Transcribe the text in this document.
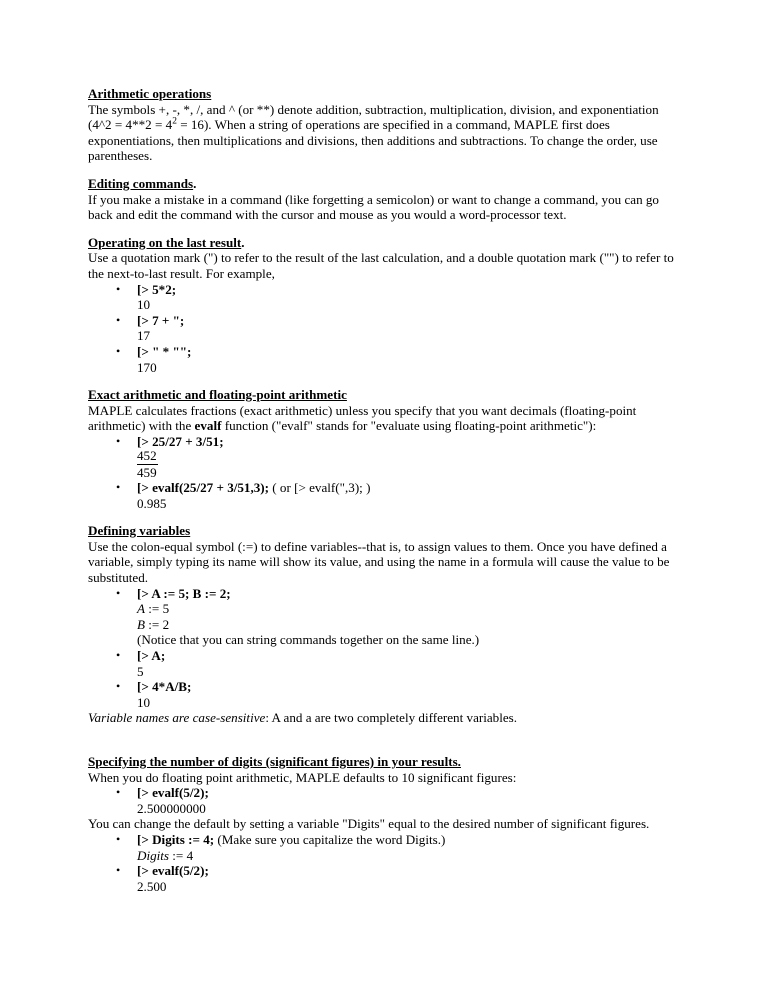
Arithmetic operations

The symbols +, -, *, /, and ^ (or **) denote addition, subtraction, multiplication, division, and exponentiation (4^2 = $4**2 = 4^2 = 16$). When a string of operations are specified in a command, MAPLE first does exponentiations, then multiplications and divisions, then additions and subtractions. To change the order, use parentheses.

Editing commands.

If you make a mistake in a command (like forgetting a semicolon) or want to change a command, you can go back and edit the command with the cursor and mouse as you would a word-processor text.

Operating on the last result.

Use a quotation mark (") to refer to the result of the last calculation, and a double quotation mark ("") to refer to the next-to-last result. For example,

• [> 5*2;
10
• [> 7 + ";
17
• [> " * "";
170
Exact arithmetic and floating-point arithmetic

MAPLE calculates fractions (exact arithmetic) unless you specify that you want decimals (floating-point arithmetic) with the evalf function ("evalf" stands for "evaluate using floating-point arithmetic"):

• [> 25/27 + 3/51;
$\frac{452}{459}$
• [> evalf(25/27 + 3/51,3); ( or [> evalf(",3); )
0.985
Defining variables

Use the colon-equal symbol (:=) to define variables--that is, to assign values to them. Once you have defined a variable, simply typing its name will show its value, and using the name in a formula will cause the value to be substituted.

• [> A := 5; B := 2;
A := 5
B := 2
(Notice that you can string commands together on the same line.)
• [> A;
5
• [> 4*A/B;
10

Variable names are case-sensitive: A and a are two completely different variables.

Specifying the number of digits (significant figures) in your results.

When you do floating point arithmetic, MAPLE defaults to 10 significant figures:

• [> evalf(5/2);
2.500000000

You can change the default by setting a variable "Digits" equal to the desired number of significant figures.

• [> Digits := 4; (Make sure you capitalize the word Digits.)
Digits := 4
• [> evalf(5/2);
2.500
